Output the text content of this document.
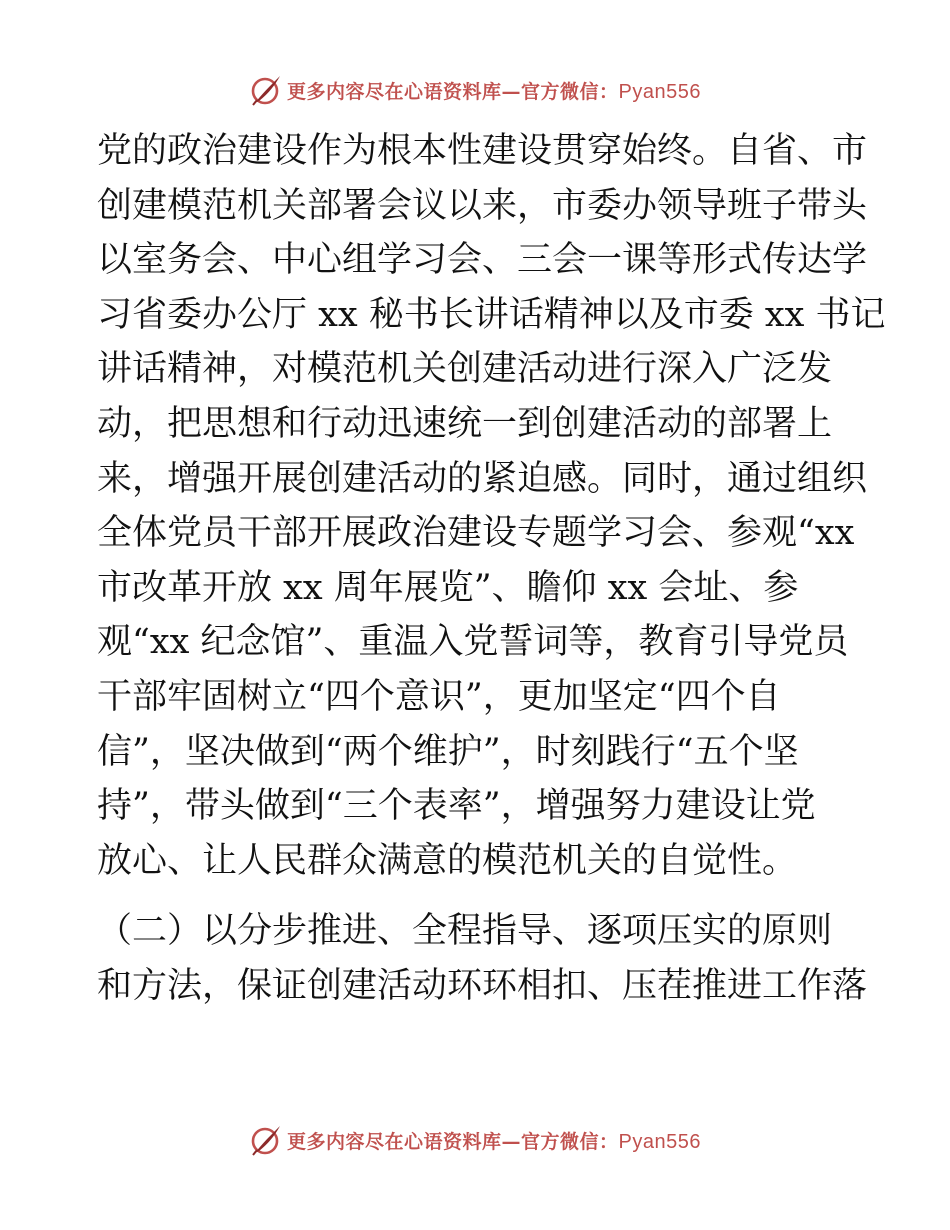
更多内容尽在心语资料库—官方微信：Pyan556
党的政治建设作为根本性建设贯穿始终。自省、市
创建模范机关部署会议以来，市委办领导班子带头
以室务会、中心组学习会、三会一课等形式传达学
习省委办公厅 xx 秘书长讲话精神以及市委 xx 书记
讲话精神，对模范机关创建活动进行深入广泛发
动，把思想和行动迅速统一到创建活动的部署上
来，增强开展创建活动的紧迫感。同时，通过组织
全体党员干部开展政治建设专题学习会、参观“xx
市改革开放 xx 周年展览”、瞻仰 xx 会址、参
观“xx 纪念馆”、重温入党誓词等，教育引导党员
干部牢固树立“四个意识”，更加坚定“四个自
信”，坚决做到“两个维护”，时刻践行“五个坚
持”，带头做到“三个表率”，增强努力建设让党
放心、让人民群众满意的模范机关的自觉性。
（二）以分步推进、全程指导、逐项压实的原则
和方法，保证创建活动环环相扣、压茬推进工作落
更多内容尽在心语资料库—官方微信：Pyan556
